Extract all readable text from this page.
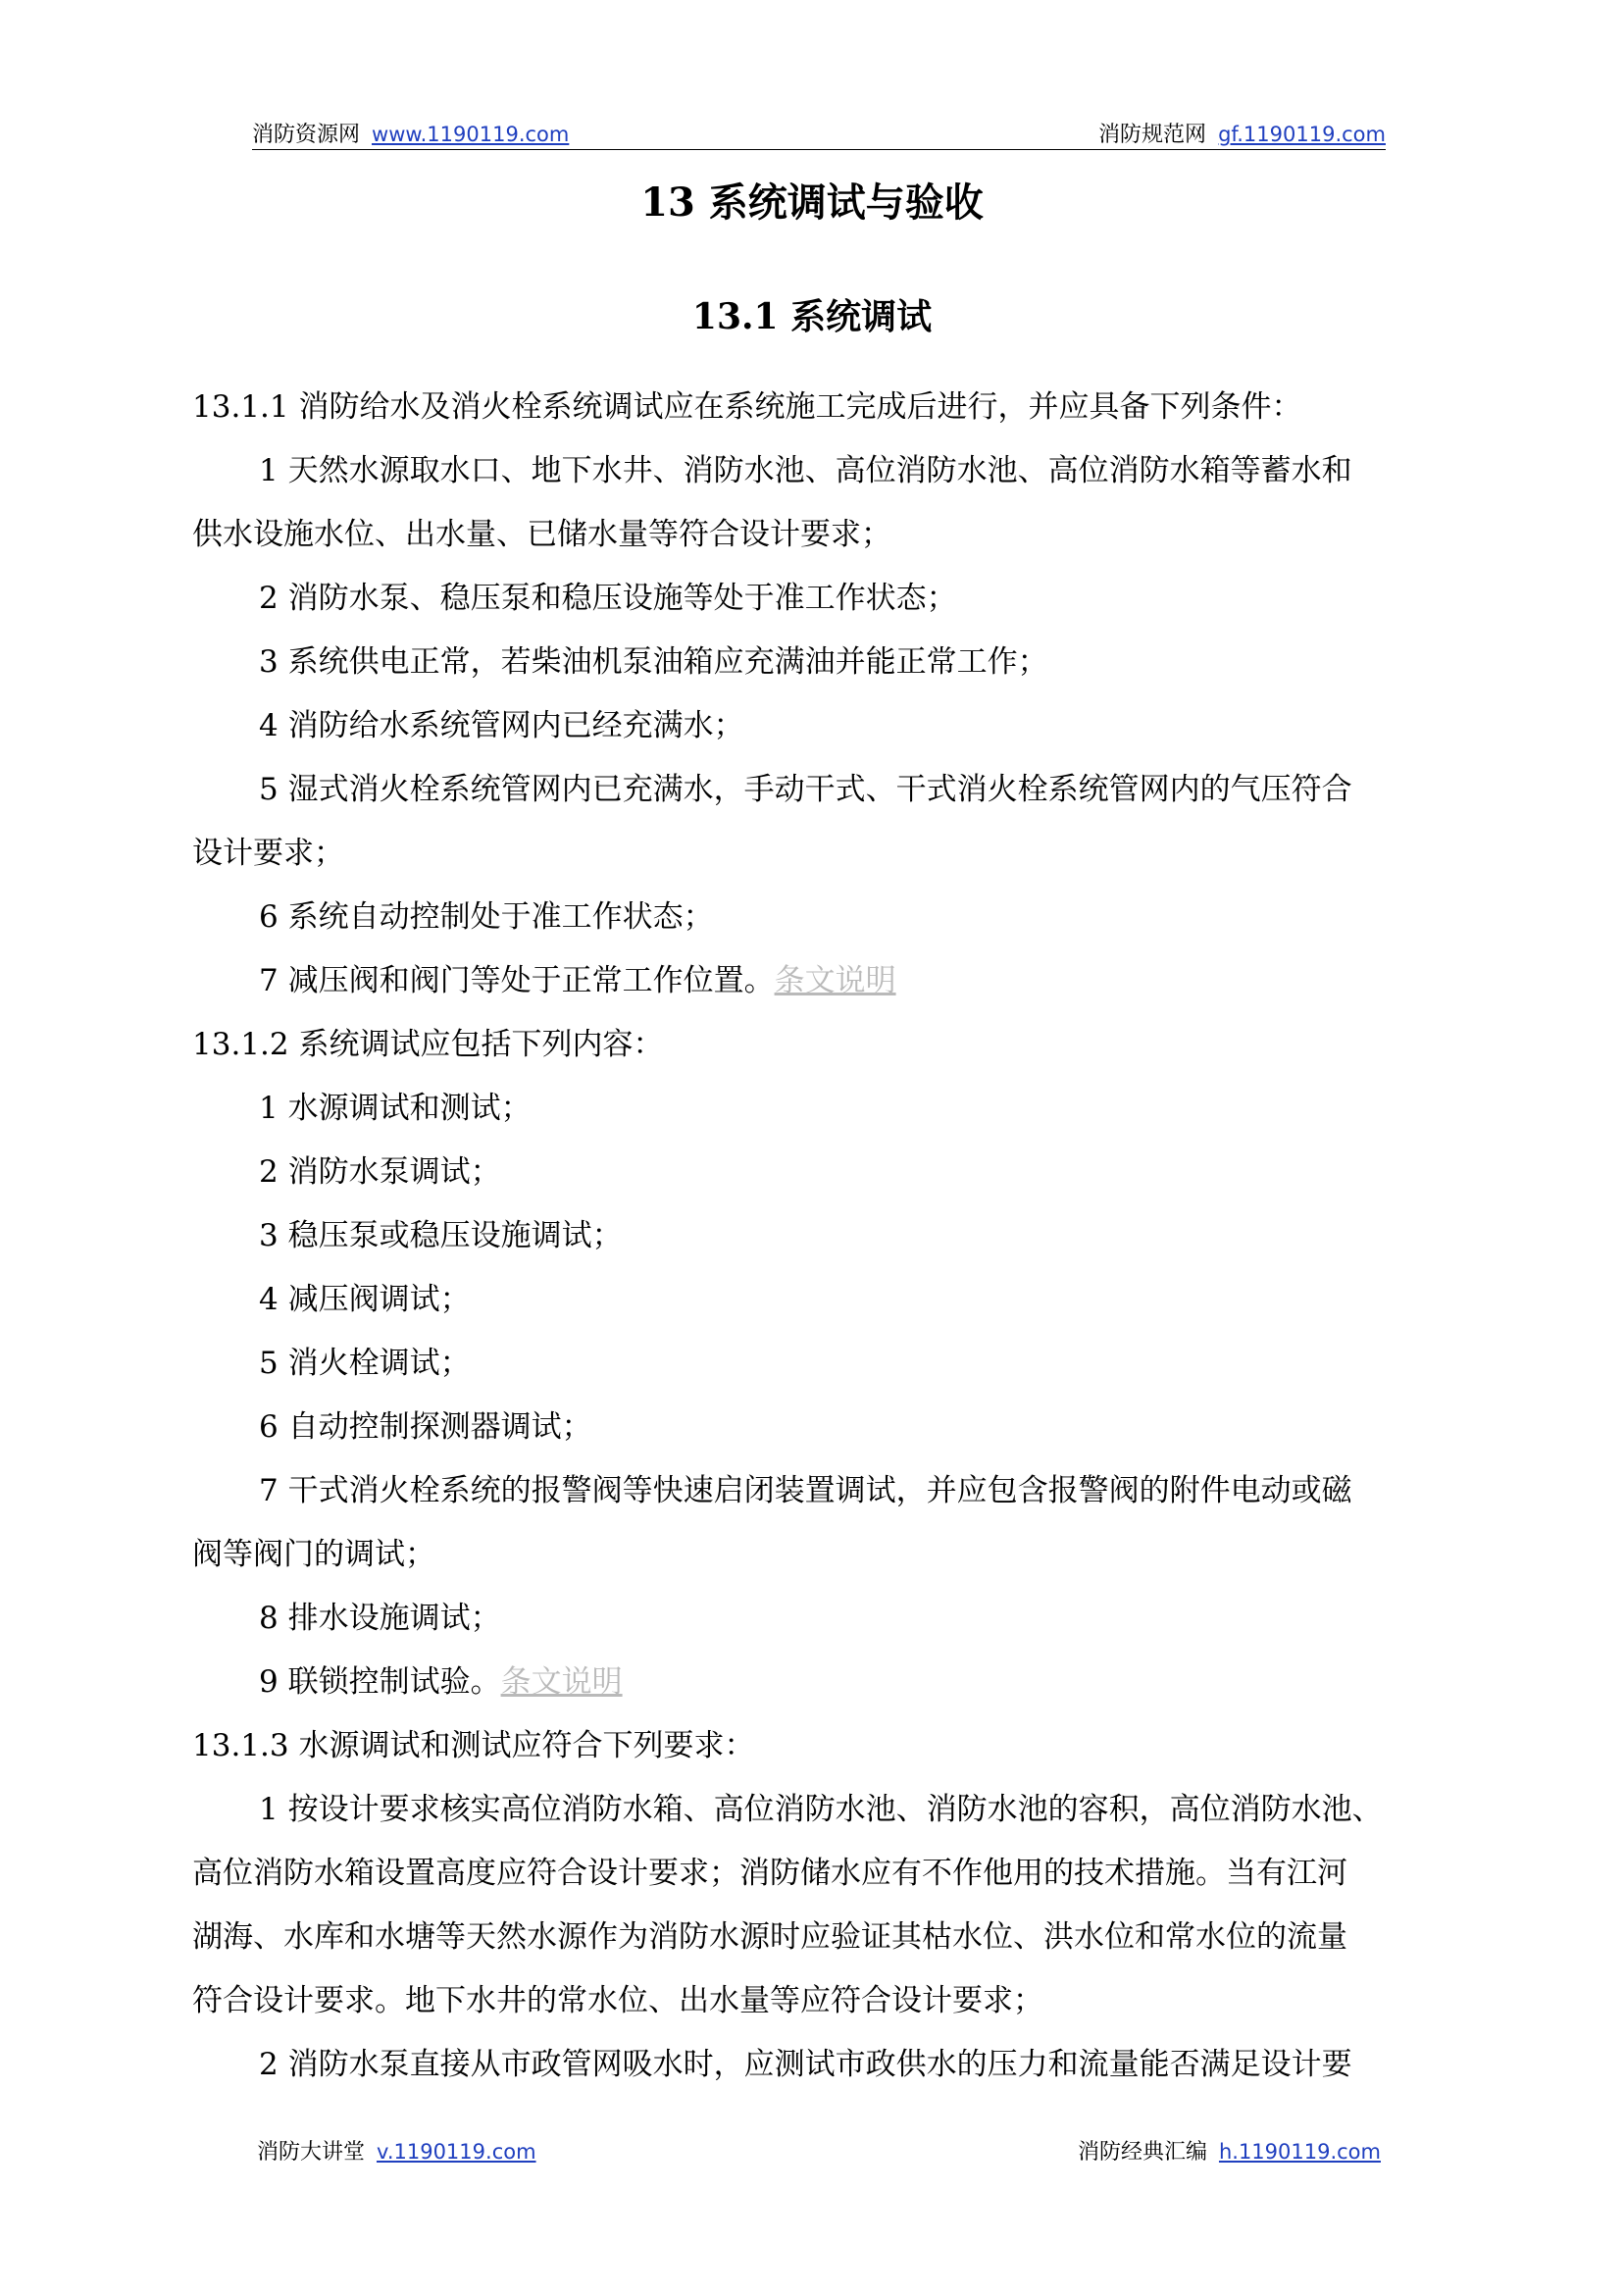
消防资源网 www.1190119.com	消防规范网 gf.1190119.com
13 系统调试与验收
13.1 系统调试
13.1.1 消防给水及消火栓系统调试应在系统施工完成后进行，并应具备下列条件：
1 天然水源取水口、地下水井、消防水池、高位消防水池、高位消防水箱等蓄水和
供水设施水位、出水量、已储水量等符合设计要求；
2 消防水泵、稳压泵和稳压设施等处于准工作状态；
3 系统供电正常，若柴油机泵油箱应充满油并能正常工作；
4 消防给水系统管网内已经充满水；
5 湿式消火栓系统管网内已充满水，手动干式、干式消火栓系统管网内的气压符合
设计要求；
6 系统自动控制处于准工作状态；
7 减压阀和阀门等处于正常工作位置。条文说明
13.1.2 系统调试应包括下列内容：
1 水源调试和测试；
2 消防水泵调试；
3 稳压泵或稳压设施调试；
4 减压阀调试；
5 消火栓调试；
6 自动控制探测器调试；
7 干式消火栓系统的报警阀等快速启闭装置调试，并应包含报警阀的附件电动或磁
阀等阀门的调试；
8 排水设施调试；
9 联锁控制试验。条文说明
13.1.3 水源调试和测试应符合下列要求：
1 按设计要求核实高位消防水箱、高位消防水池、消防水池的容积，高位消防水池、
高位消防水箱设置高度应符合设计要求；消防储水应有不作他用的技术措施。当有江河
湖海、水库和水塘等天然水源作为消防水源时应验证其枯水位、洪水位和常水位的流量
符合设计要求。地下水井的常水位、出水量等应符合设计要求；
2 消防水泵直接从市政管网吸水时，应测试市政供水的压力和流量能否满足设计要
消防大讲堂 v.1190119.com	消防经典汇编 h.1190119.com
